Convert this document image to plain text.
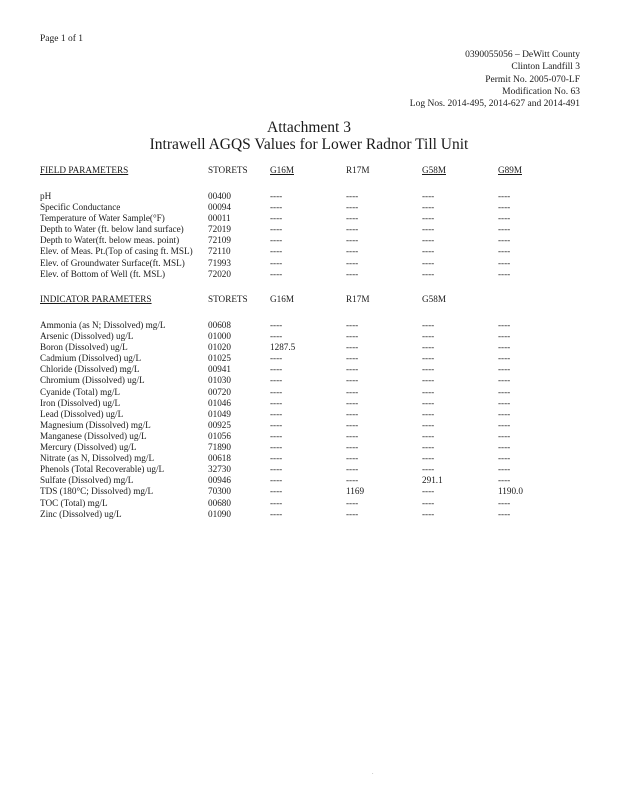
Page 1 of 1
0390055056 – DeWitt County
Clinton Landfill 3
Permit No. 2005-070-LF
Modification No. 63
Log Nos. 2014-495, 2014-627 and 2014-491
Attachment 3
Intrawell AGQS Values for Lower Radnor Till Unit
FIELD PARAMETERS	STORETS	G16M	R17M	G58M	G89M

pH	00400	----	----	----	----
Specific Conductance	00094	----	----	----	----
Temperature of Water Sample(°F)	00011	----	----	----	----
Depth to Water (ft. below land surface)	72019	----	----	----	----
Depth to Water(ft. below meas. point)	72109	----	----	----	----
Elev. of Meas. Pt.(Top of casing ft. MSL)	72110	----	----	----	----
Elev. of Groundwater Surface(ft. MSL)	71993	----	----	----	----
Elev. of Bottom of Well (ft. MSL)	72020	----	----	----	----
INDICATOR PARAMETERS	STORETS	G16M	R17M	G58M	

Ammonia (as N; Dissolved) mg/L	00608	----	----	----	----
Arsenic (Dissolved) ug/L	01000	----	----	----	----
Boron (Dissolved) ug/L	01020	1287.5	----	----	----
Cadmium (Dissolved) ug/L	01025	----	----	----	----
Chloride (Dissolved) mg/L	00941	----	----	----	----
Chromium (Dissolved) ug/L	01030	----	----	----	----
Cyanide (Total) mg/L	00720	----	----	----	----
Iron (Dissolved) ug/L	01046	----	----	----	----
Lead (Dissolved) ug/L	01049	----	----	----	----
Magnesium (Dissolved) mg/L	00925	----	----	----	----
Manganese (Dissolved) ug/L	01056	----	----	----	----
Mercury (Dissolved) ug/L	71890	----	----	----	----
Nitrate (as N, Dissolved) mg/L	00618	----	----	----	----
Phenols (Total Recoverable) ug/L	32730	----	----	----	----
Sulfate (Dissolved) mg/L	00946	----	----	291.1	----
TDS (180°C; Dissolved) mg/L	70300	----	1169	----	1190.0
TOC (Total) mg/L	00680	----	----	----	----
Zinc (Dissolved) ug/L	01090	----	----	----	----
.
